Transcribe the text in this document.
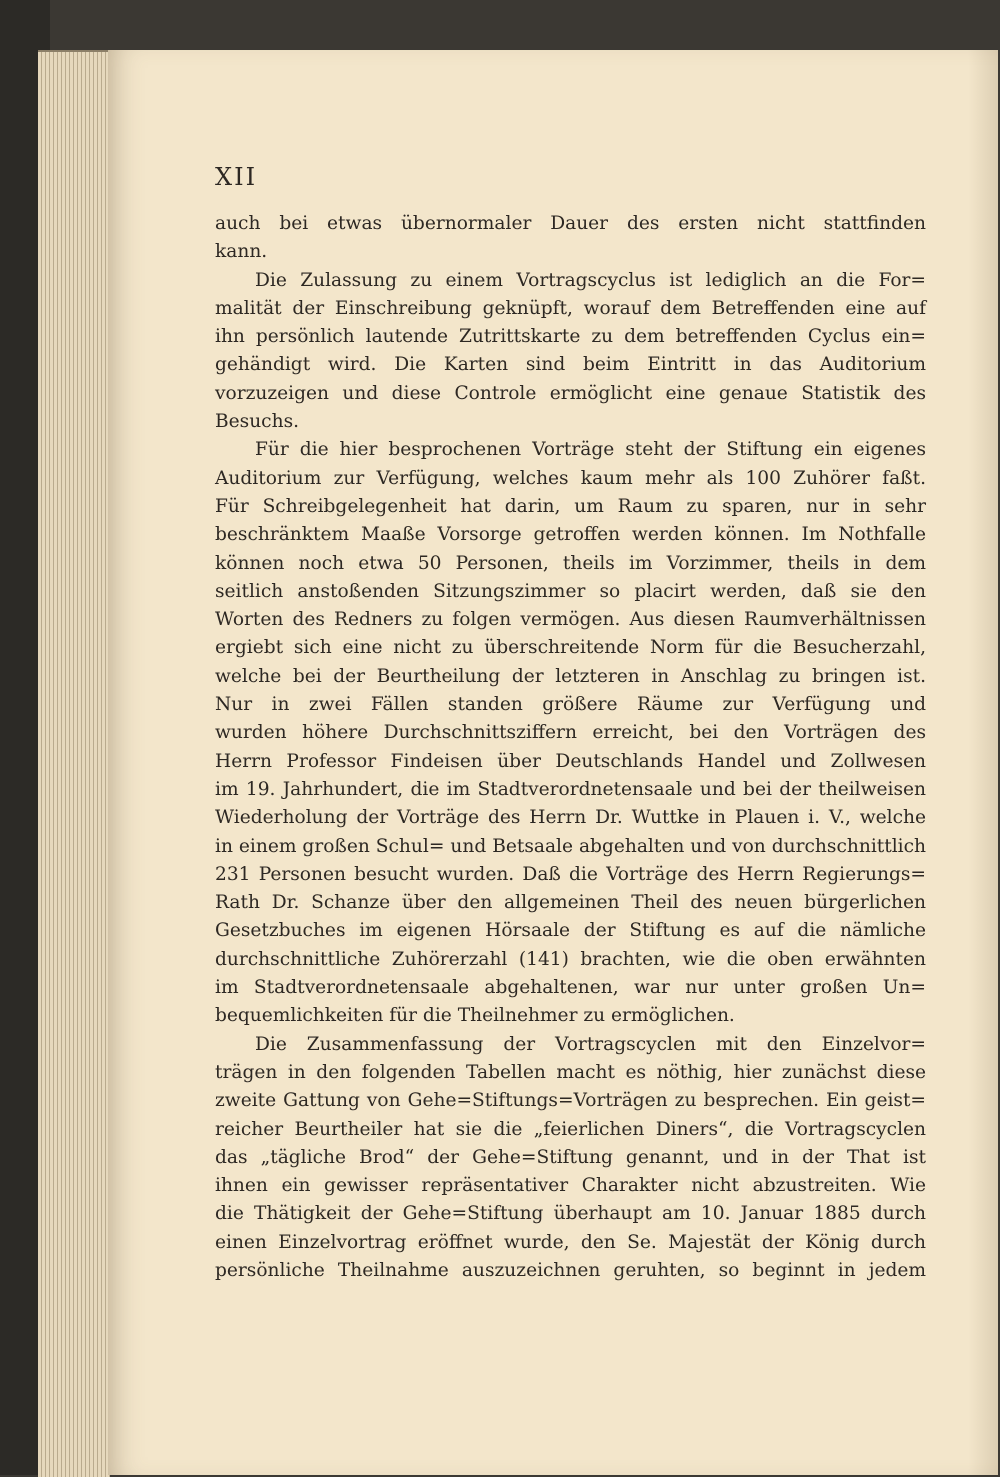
XII
auch bei etwas übernormaler Dauer des ersten nicht stattfinden
kann.
Die Zulassung zu einem Vortragscyclus ist lediglich an die For=
malität der Einschreibung geknüpft, worauf dem Betreffenden eine auf
ihn persönlich lautende Zutrittskarte zu dem betreffenden Cyclus ein=
gehändigt wird. Die Karten sind beim Eintritt in das Auditorium
vorzuzeigen und diese Controle ermöglicht eine genaue Statistik des
Besuchs.
Für die hier besprochenen Vorträge steht der Stiftung ein eigenes
Auditorium zur Verfügung, welches kaum mehr als 100 Zuhörer faßt.
Für Schreibgelegenheit hat darin, um Raum zu sparen, nur in sehr
beschränktem Maaße Vorsorge getroffen werden können. Im Nothfalle
können noch etwa 50 Personen, theils im Vorzimmer, theils in dem
seitlich anstoßenden Sitzungszimmer so placirt werden, daß sie den
Worten des Redners zu folgen vermögen. Aus diesen Raumverhältnissen
ergiebt sich eine nicht zu überschreitende Norm für die Besucherzahl,
welche bei der Beurtheilung der letzteren in Anschlag zu bringen ist.
Nur in zwei Fällen standen größere Räume zur Verfügung und
wurden höhere Durchschnittsziffern erreicht, bei den Vorträgen des
Herrn Professor Findeisen über Deutschlands Handel und Zollwesen
im 19. Jahrhundert, die im Stadtverordnetensaale und bei der theilweisen
Wiederholung der Vorträge des Herrn Dr. Wuttke in Plauen i. V., welche
in einem großen Schul= und Betsaale abgehalten und von durchschnittlich
231 Personen besucht wurden. Daß die Vorträge des Herrn Regierungs=
Rath Dr. Schanze über den allgemeinen Theil des neuen bürgerlichen
Gesetzbuches im eigenen Hörsaale der Stiftung es auf die nämliche
durchschnittliche Zuhörerzahl (141) brachten, wie die oben erwähnten
im Stadtverordnetensaale abgehaltenen, war nur unter großen Un=
bequemlichkeiten für die Theilnehmer zu ermöglichen.
Die Zusammenfassung der Vortragscyclen mit den Einzelvor=
trägen in den folgenden Tabellen macht es nöthig, hier zunächst diese
zweite Gattung von Gehe=Stiftungs=Vorträgen zu besprechen. Ein geist=
reicher Beurtheiler hat sie die „feierlichen Diners“, die Vortragscyclen
das „tägliche Brod“ der Gehe=Stiftung genannt, und in der That ist
ihnen ein gewisser repräsentativer Charakter nicht abzustreiten. Wie
die Thätigkeit der Gehe=Stiftung überhaupt am 10. Januar 1885 durch
einen Einzelvortrag eröffnet wurde, den Se. Majestät der König durch
persönliche Theilnahme auszuzeichnen geruhten, so beginnt in jedem
